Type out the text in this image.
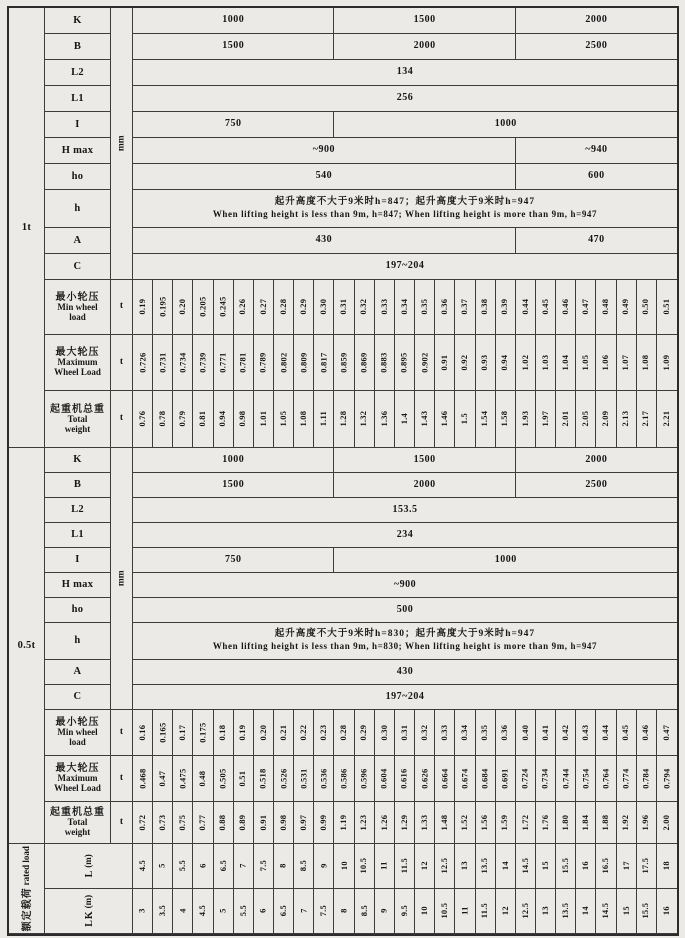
1t
mm
K	1000	1500	2000
B	1500	2000	2500
L2	134
L1	256
I	750	1000
H max	~900	~940
ho	540	600
h
起升高度不大于9米时h=847；起升高度大于9米时h=947
When lifting height is less than 9m, h=847; When lifting height is more than 9m, h=947
A	430	470
C	197~204
最小轮压
Min wheel
load
t 0.19 0.195 0.20 0.205 0.245 0.26 0.27 0.28 0.29 0.30 0.31 0.32 0.33 0.34 0.35 0.36 0.37 0.38 0.39 0.44 0.45 0.46 0.47 0.48 0.49 0.50 0.51
最大轮压
Maximum
Wheel Load
t 0.726 0.731 0.734 0.739 0.771 0.781 0.789 0.802 0.809 0.817 0.859 0.869 0.883 0.895 0.902 0.91 0.92 0.93 0.94 1.02 1.03 1.04 1.05 1.06 1.07 1.08 1.09
起重机总重
Total
weight
t 0.76 0.78 0.79 0.81 0.94 0.98 1.01 1.05 1.08 1.11 1.28 1.32 1.36 1.4 1.43 1.46 1.5 1.54 1.58 1.93 1.97 2.01 2.05 2.09 2.13 2.17 2.21
0.5t
mm
K	1000	1500	2000
B	1500	2000	2500
L2	153.5
L1	234
I	750	1000
H max	~900
ho	500
h
起升高度不大于9米时h=830；起升高度大于9米时h=947
When lifting height is less than 9m, h=830; When lifting height is more than 9m, h=947
A	430
C	197~204
最小轮压
Min wheel
load
t 0.16 0.165 0.17 0.175 0.18 0.19 0.20 0.21 0.22 0.23 0.28 0.29 0.30 0.31 0.32 0.33 0.34 0.35 0.36 0.40 0.41 0.42 0.43 0.44 0.45 0.46 0.47
最大轮压
Maximum
Wheel Load
t 0.468 0.47 0.475 0.48 0.505 0.51 0.518 0.526 0.531 0.536 0.586 0.596 0.604 0.616 0.626 0.664 0.674 0.684 0.691 0.724 0.734 0.744 0.754 0.764 0.774 0.784 0.794
起重机总重
Total
weight
t 0.72 0.73 0.75 0.77 0.88 0.89 0.91 0.98 0.97 0.99 1.19 1.23 1.26 1.29 1.33 1.48 1.52 1.56 1.59 1.72 1.76 1.80 1.84 1.88 1.92 1.96 2.00
额定载荷rated load	L(m)	4.5 5 5.5 6 6.5 7 7.5 8 8.5 9 10 10.5 11 11.5 12 12.5 13 13.5 14 14.5 15 15.5 16 16.5 17 17.5 18
LK(m)
3 3.5 4 4.5 5 5.5 6 6.5 7 7.5 8 8.5 9 9.5 10 10.5 11 11.5 12 12.5 13 13.5 14 14.5 15 15.5 16
